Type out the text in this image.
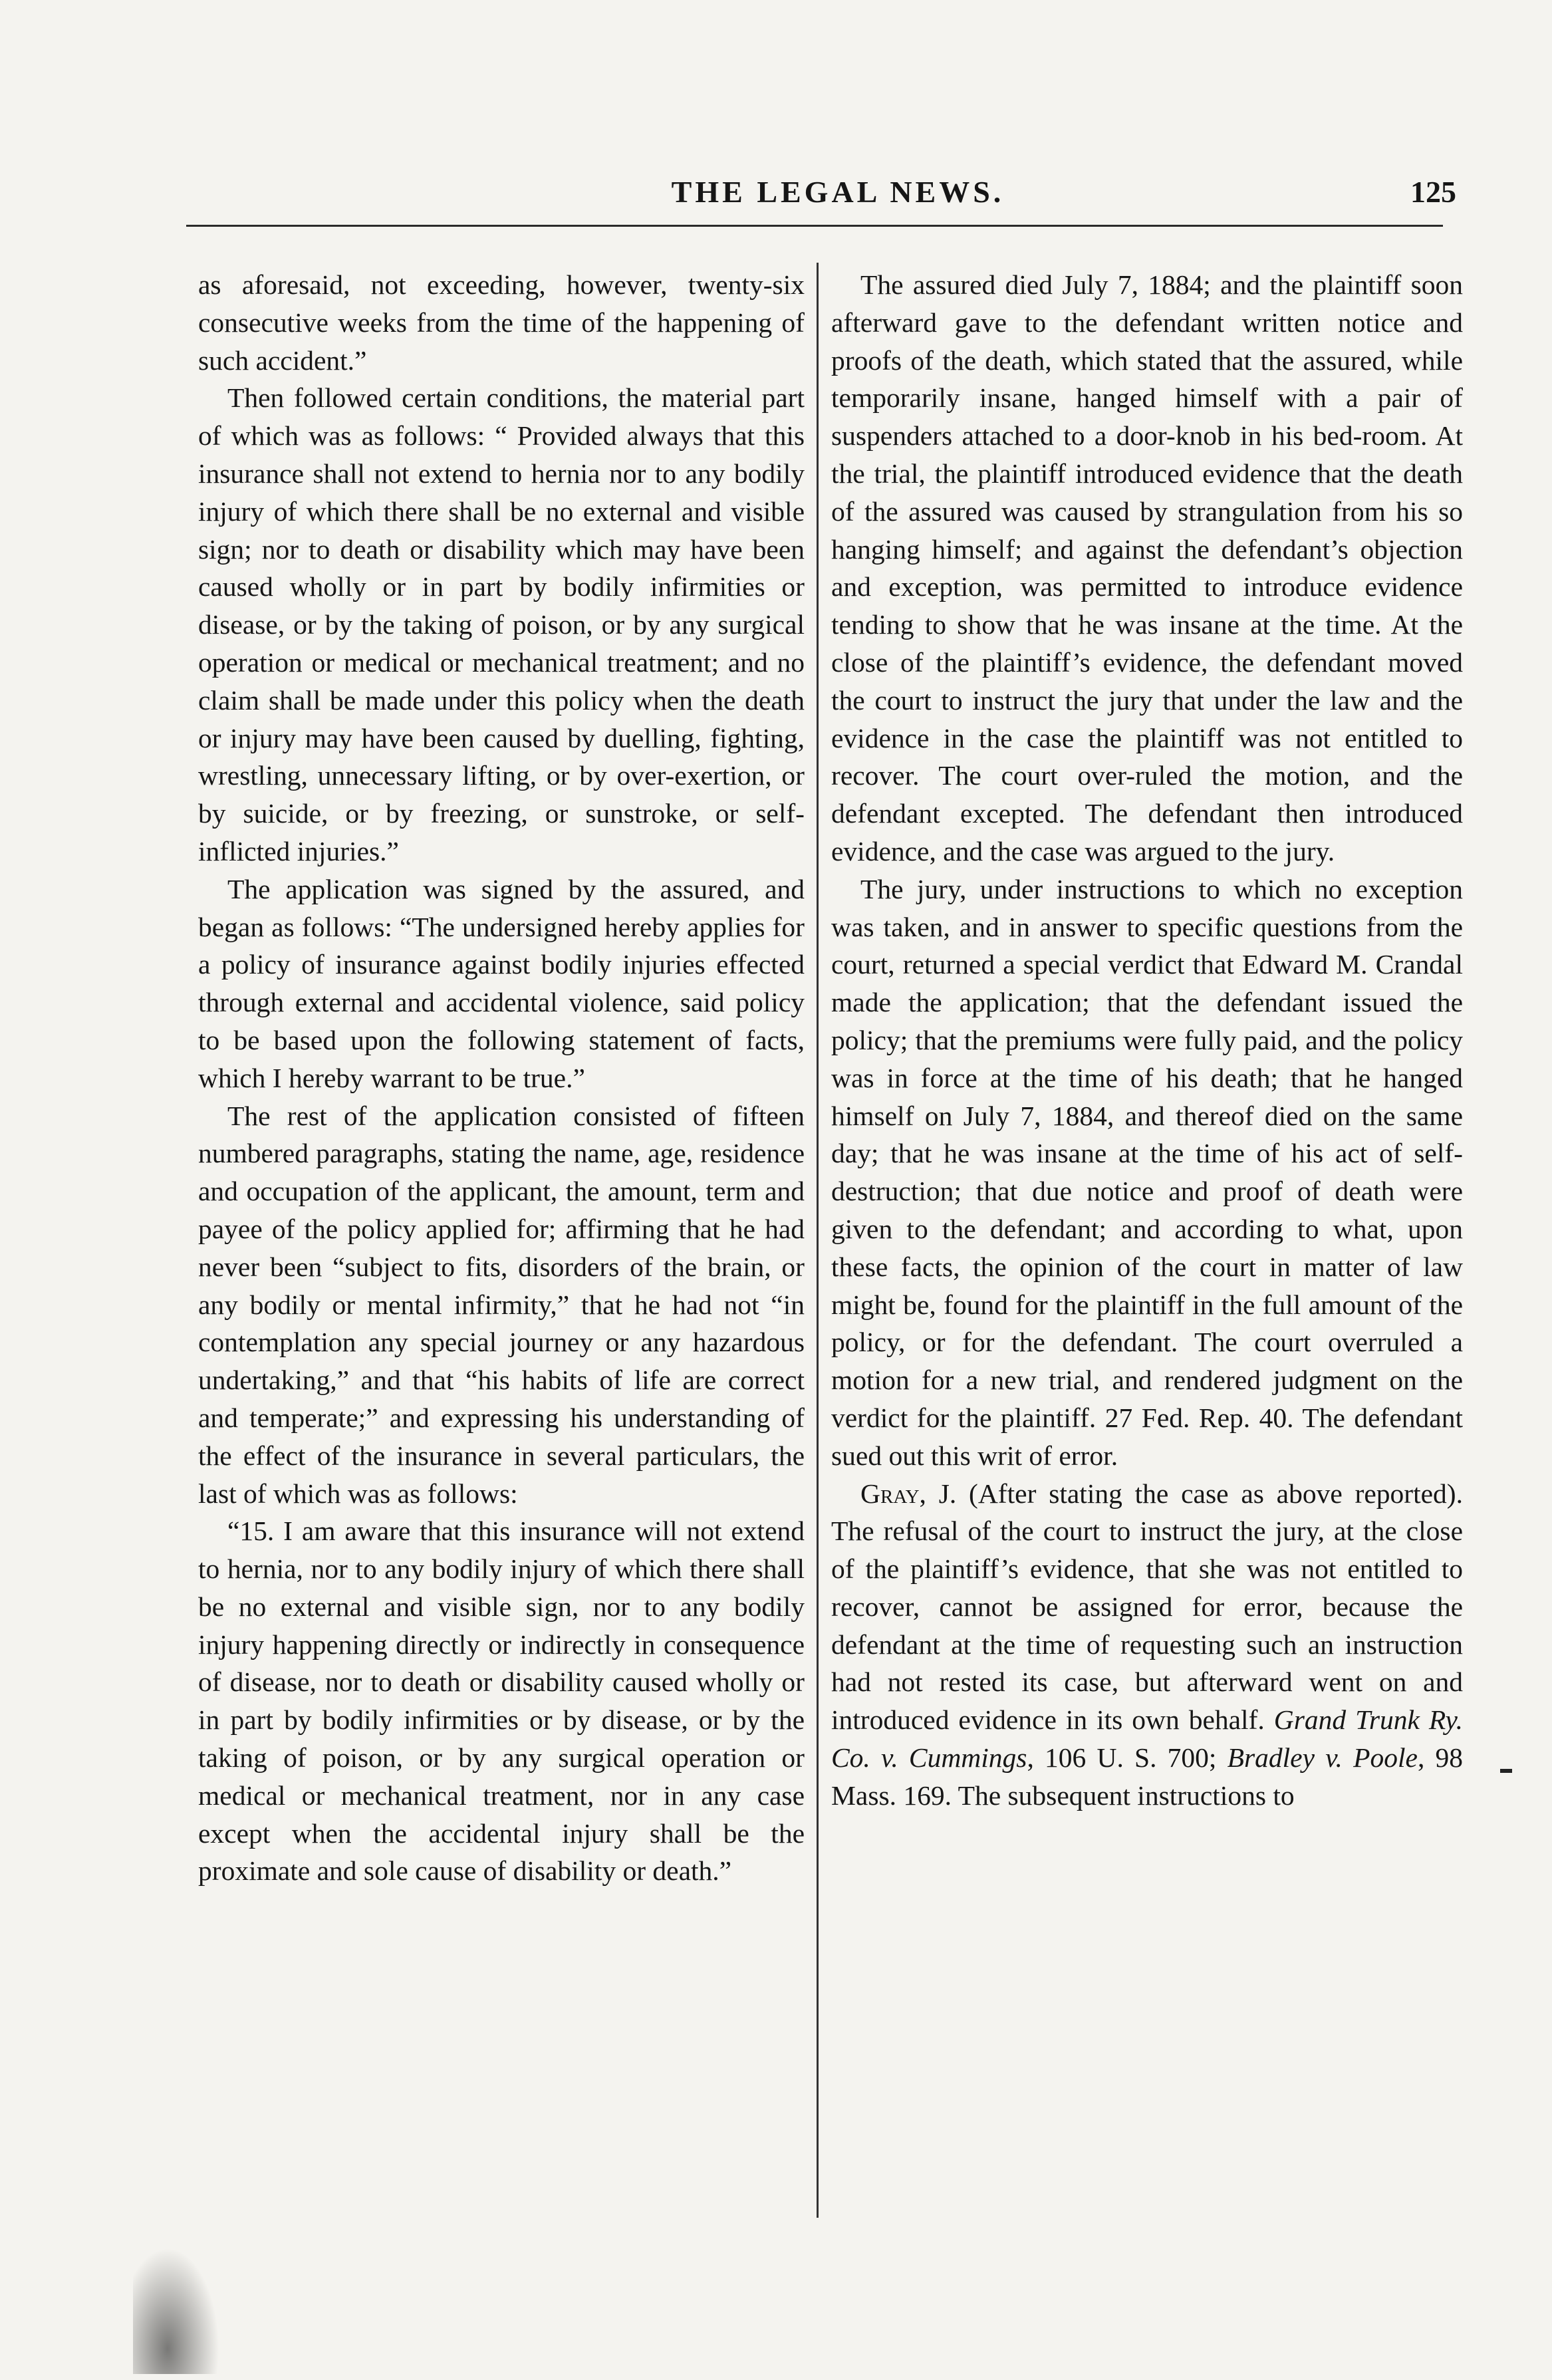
THE LEGAL NEWS.	125

as aforesaid, not exceeding, however, twenty-six consecutive weeks from the time of the happening of such accident.”

Then followed certain conditions, the material part of which was as follows: “ Provided always that this insurance shall not extend to hernia nor to any bodily injury of which there shall be no external and visible sign; nor to death or disability which may have been caused wholly or in part by bodily infirmities or disease, or by the taking of poison, or by any surgical operation or medical or mechanical treatment; and no claim shall be made under this policy when the death or injury may have been caused by duelling, fighting, wrestling, unnecessary lifting, or by over-exertion, or by suicide, or by freezing, or sunstroke, or self-inflicted injuries.”

The application was signed by the assured, and began as follows: “The undersigned hereby applies for a policy of insurance against bodily injuries effected through external and accidental violence, said policy to be based upon the following statement of facts, which I hereby warrant to be true.”

The rest of the application consisted of fifteen numbered paragraphs, stating the name, age, residence and occupation of the applicant, the amount, term and payee of the policy applied for; affirming that he had never been “subject to fits, disorders of the brain, or any bodily or mental infirmity,” that he had not “in contemplation any special journey or any hazardous undertaking,” and that “his habits of life are correct and temperate;” and expressing his understanding of the effect of the insurance in several particulars, the last of which was as follows:

“15. I am aware that this insurance will not extend to hernia, nor to any bodily injury of which there shall be no external and visible sign, nor to any bodily injury happening directly or indirectly in consequence of disease, nor to death or disability caused wholly or in part by bodily infirmities or by disease, or by the taking of poison, or by any surgical operation or medical or mechanical treatment, nor in any case except when the accidental injury shall be the proximate and sole cause of disability or death.”

The assured died July 7, 1884; and the plaintiff soon afterward gave to the defendant written notice and proofs of the death, which stated that the assured, while temporarily insane, hanged himself with a pair of suspenders attached to a door-knob in his bed-room. At the trial, the plaintiff introduced evidence that the death of the assured was caused by strangulation from his so hanging himself; and against the defendant’s objection and exception, was permitted to introduce evidence tending to show that he was insane at the time. At the close of the plaintiff’s evidence, the defendant moved the court to instruct the jury that under the law and the evidence in the case the plaintiff was not entitled to recover. The court over-ruled the motion, and the defendant excepted. The defendant then introduced evidence, and the case was argued to the jury.

The jury, under instructions to which no exception was taken, and in answer to specific questions from the court, returned a special verdict that Edward M. Crandal made the application; that the defendant issued the policy; that the premiums were fully paid, and the policy was in force at the time of his death; that he hanged himself on July 7, 1884, and thereof died on the same day; that he was insane at the time of his act of self-destruction; that due notice and proof of death were given to the defendant; and according to what, upon these facts, the opinion of the court in matter of law might be, found for the plaintiff in the full amount of the policy, or for the defendant. The court overruled a motion for a new trial, and rendered judgment on the verdict for the plaintiff. 27 Fed. Rep. 40. The defendant sued out this writ of error.

Gray, J. (After stating the case as above reported). The refusal of the court to instruct the jury, at the close of the plaintiff’s evidence, that she was not entitled to recover, cannot be assigned for error, because the defendant at the time of requesting such an instruction had not rested its case, but afterward went on and introduced evidence in its own behalf. Grand Trunk Ry. Co. v. Cummings, 106 U. S. 700; Bradley v. Poole, 98 Mass. 169. The subsequent instructions to
